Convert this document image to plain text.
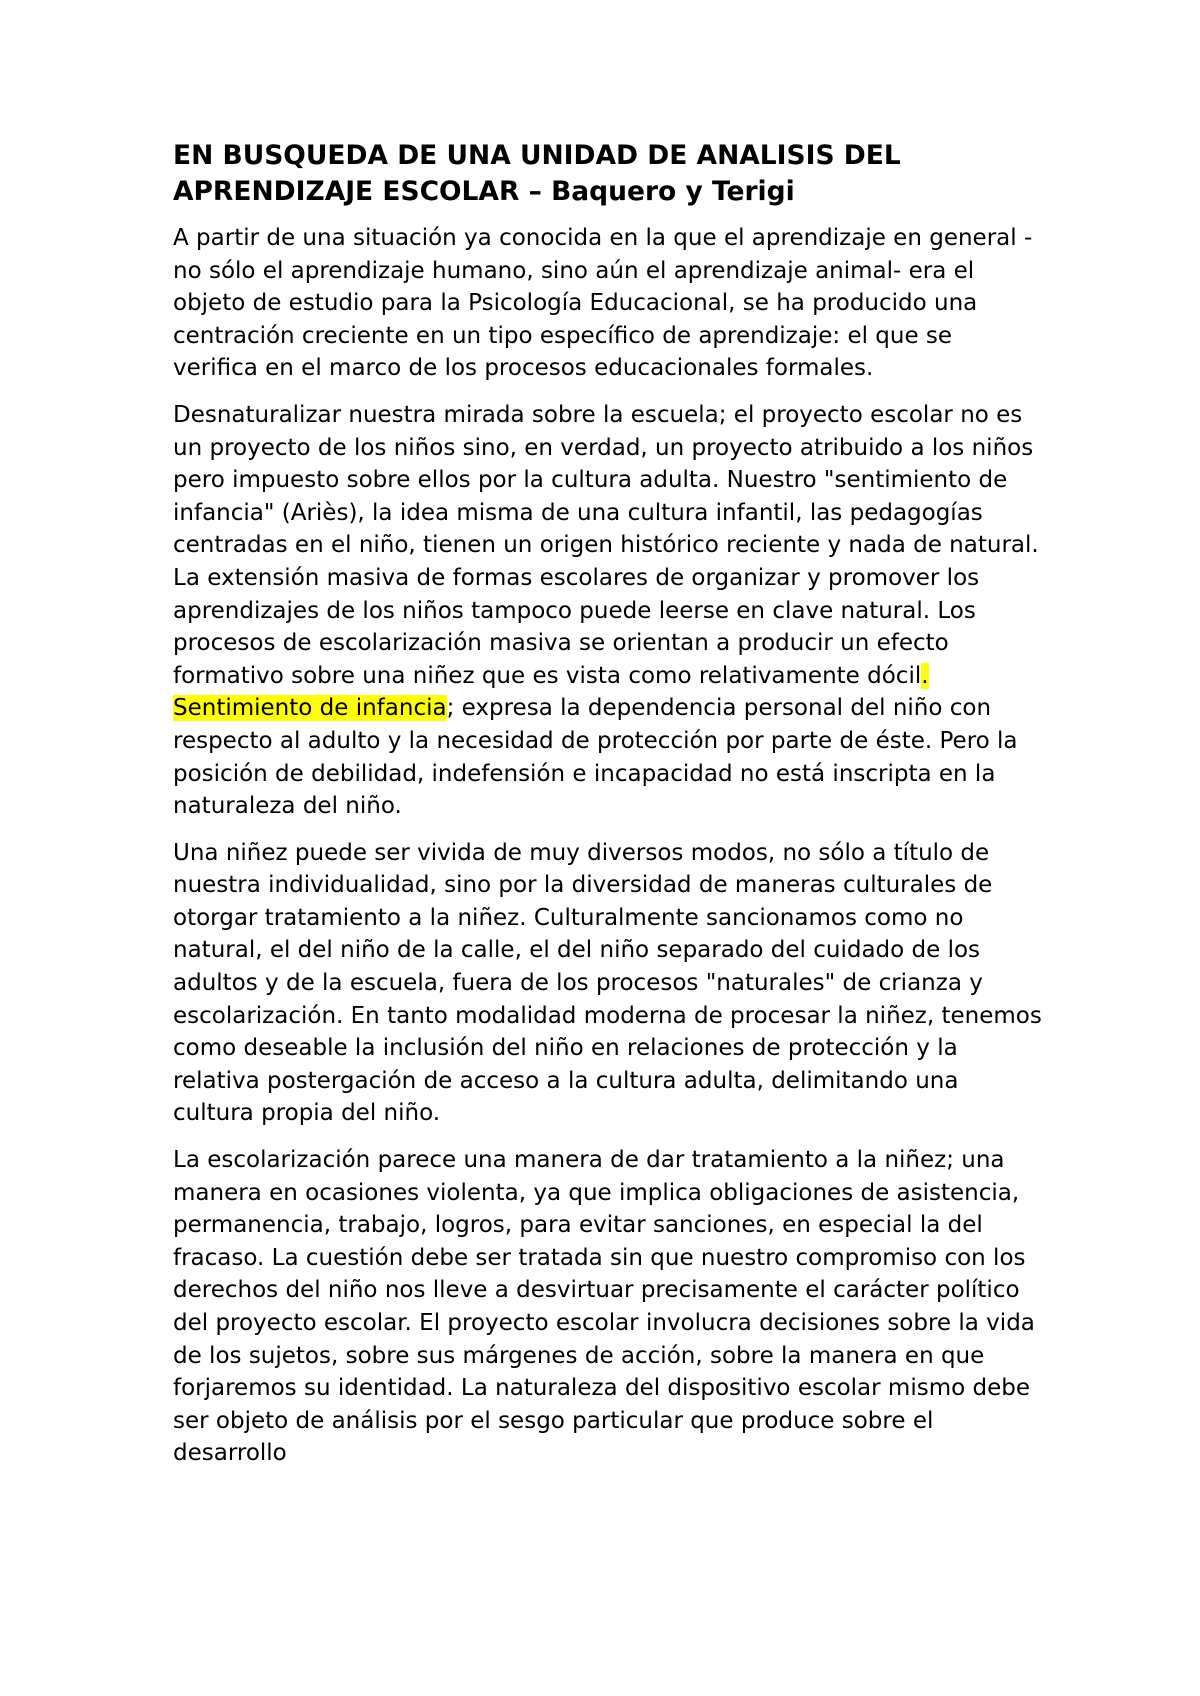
EN BUSQUEDA DE UNA UNIDAD DE ANALISIS DEL APRENDIZAJE ESCOLAR – Baquero y Terigi

A partir de una situación ya conocida en la que el aprendizaje en general -no sólo el aprendizaje humano, sino aún el aprendizaje animal- era el objeto de estudio para la Psicología Educacional, se ha producido una centración creciente en un tipo específico de aprendizaje: el que se verifica en el marco de los procesos educacionales formales.

Desnaturalizar nuestra mirada sobre la escuela; el proyecto escolar no es un proyecto de los niños sino, en verdad, un proyecto atribuido a los niños pero impuesto sobre ellos por la cultura adulta. Nuestro "sentimiento de infancia" (Ariès), la idea misma de una cultura infantil, las pedagogías centradas en el niño, tienen un origen histórico reciente y nada de natural. La extensión masiva de formas escolares de organizar y promover los aprendizajes de los niños tampoco puede leerse en clave natural. Los procesos de escolarización masiva se orientan a producir un efecto formativo sobre una niñez que es vista como relativamente dócil. Sentimiento de infancia; expresa la dependencia personal del niño con respecto al adulto y la necesidad de protección por parte de éste. Pero la posición de debilidad, indefensión e incapacidad no está inscripta en la naturaleza del niño.

Una niñez puede ser vivida de muy diversos modos, no sólo a título de nuestra individualidad, sino por la diversidad de maneras culturales de otorgar tratamiento a la niñez. Culturalmente sancionamos como no natural, el del niño de la calle, el del niño separado del cuidado de los adultos y de la escuela, fuera de los procesos "naturales" de crianza y escolarización. En tanto modalidad moderna de procesar la niñez, tenemos como deseable la inclusión del niño en relaciones de protección y la relativa postergación de acceso a la cultura adulta, delimitando una cultura propia del niño.

La escolarización parece una manera de dar tratamiento a la niñez; una manera en ocasiones violenta, ya que implica obligaciones de asistencia, permanencia, trabajo, logros, para evitar sanciones, en especial la del fracaso. La cuestión debe ser tratada sin que nuestro compromiso con los derechos del niño nos lleve a desvirtuar precisamente el carácter político del proyecto escolar. El proyecto escolar involucra decisiones sobre la vida de los sujetos, sobre sus márgenes de acción, sobre la manera en que forjaremos su identidad. La naturaleza del dispositivo escolar mismo debe ser objeto de análisis por el sesgo particular que produce sobre el desarrollo
